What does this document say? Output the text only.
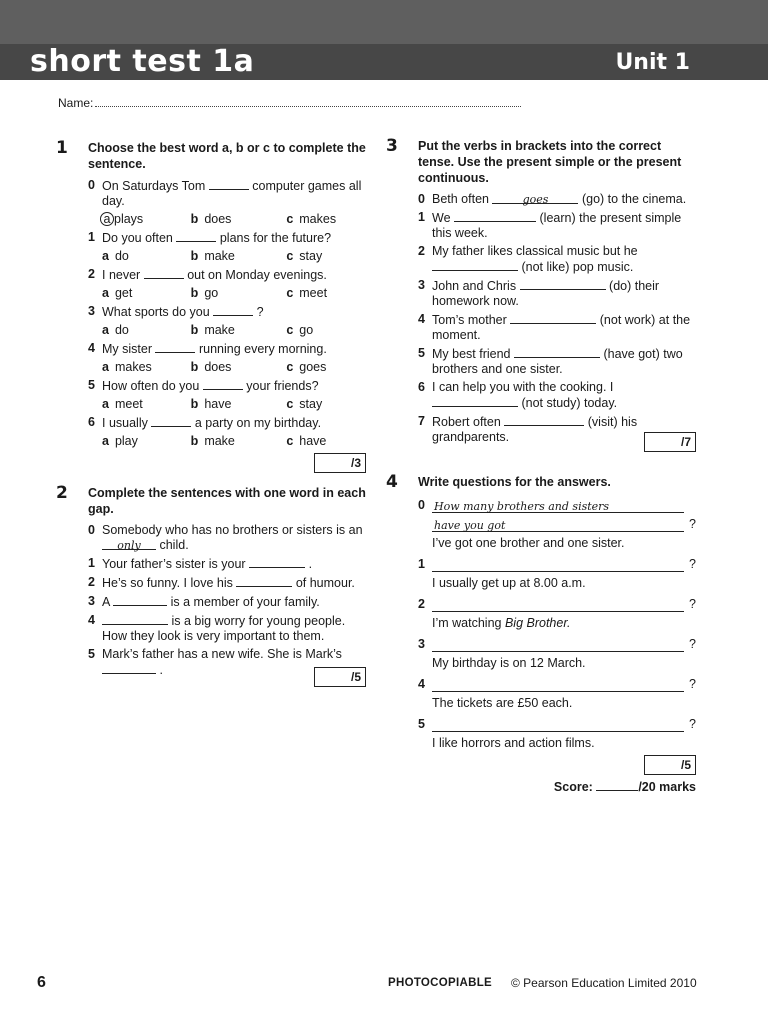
short test 1a	Unit 1
Name:
1 Choose the best word a, b or c to complete the sentence.
0 On Saturdays Tom	computer games all day.
a plays	b does	c makes
1 Do you often	plans for the future?
a do	b make	c stay
2 I never	out on Monday evenings.
a get	b go	c meet
3 What sports do you	?
a do	b make	c go
4 My sister	running every morning.
a makes	b does	c goes
5 How often do you	your friends?
a meet	b have	c stay
6 I usually	a party on my birthday.
a play	b make	c have
/3
2 Complete the sentences with one word in each gap.
0 Somebody who has no brothers or sisters is an only child.
1 Your father’s sister is your	.
2 He’s so funny. I love his	of humour.
3 A	is a member of your family.
4	is a big worry for young people. How they look is very important to them.
5 Mark’s father has a new wife. She is Mark’s
.	/5
3 Put the verbs in brackets into the correct tense. Use the present simple or the present continuous.
0 Beth often	goes	(go) to the cinema.
1 We	(learn) the present simple this week.
2 My father likes classical music but he
(not like) pop music.
3 John and Chris	(do) their homework now.
4 Tom’s mother	(not work) at the moment.
5 My best friend	(have got) two brothers and one sister.
6 I can help you with the cooking. I
(not study) today.
7 Robert often	(visit) his grandparents.	/7
4 Write questions for the answers.
0 How many brothers and sisters
have you got	?
I’ve got one brother and one sister.
1	?
I usually get up at 8.00 a.m.
2	?
I’m watching Big Brother.
3	?
My birthday is on 12 March.
4	?
The tickets are £50 each.
5	?
I like horrors and action films.
/5
Score:	/20 marks
6	PHOTOCOPIABLE © Pearson Education Limited 2010
